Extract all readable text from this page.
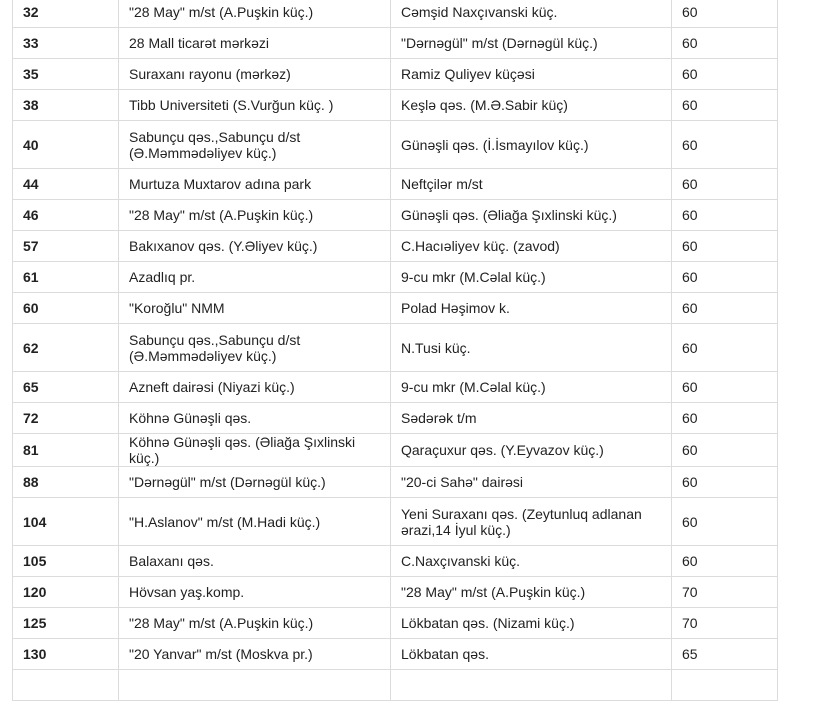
32	"28 May" m/st (A.Puşkin küç.)	Cəmşid Naxçıvanski küç.	60
33	28 Mall ticarət mərkəzi	"Dərnəgül" m/st (Dərnəgül küç.)	60
35	Suraxanı rayonu (mərkəz)	Ramiz Quliyev küçəsi	60
38	Tibb Universiteti (S.Vurğun küç. )	Keşlə qəs. (M.Ə.Sabir küç)	60
40	Sabunçu qəs.,Sabunçu d/st (Ə.Məmmədəliyev küç.)	Günəşli qəs. (İ.İsmayılov küç.)	60
44	Murtuza Muxtarov adına park	Neftçilər m/st	60
46	"28 May" m/st (A.Puşkin küç.)	Günəşli qəs. (Əliağa Şıxlinski küç.)	60
57	Bakıxanov qəs. (Y.Əliyev küç.)	C.Hacıəliyev küç. (zavod)	60
61	Azadlıq pr.	9-cu mkr (M.Cəlal küç.)	60
60	"Koroğlu" NMM	Polad Həşimov k.	60
62	Sabunçu qəs.,Sabunçu d/st (Ə.Məmmədəliyev küç.)	N.Tusi küç.	60
65	Azneft dairəsi (Niyazi küç.)	9-cu mkr (M.Cəlal küç.)	60
72	Köhnə Günəşli qəs.	Sədərək t/m	60
81	Köhnə Günəşli qəs. (Əliağa Şıxlinski küç.)	Qaraçuxur qəs. (Y.Eyvazov küç.)	60
88	"Dərnəgül" m/st (Dərnəgül küç.)	"20-ci Sahə" dairəsi	60
104	"H.Aslanov" m/st (M.Hadi küç.)	Yeni Suraxanı qəs. (Zeytunluq adlanan ərazi,14 İyul küç.)	60
105	Balaxanı qəs.	C.Naxçıvanski küç.	60
120	Hövsan yaş.komp.	"28 May" m/st (A.Puşkin küç.)	70
125	"28 May" m/st (A.Puşkin küç.)	Lökbatan qəs. (Nizami küç.)	70
130	"20 Yanvar" m/st (Moskva pr.)	Lökbatan qəs.	65
